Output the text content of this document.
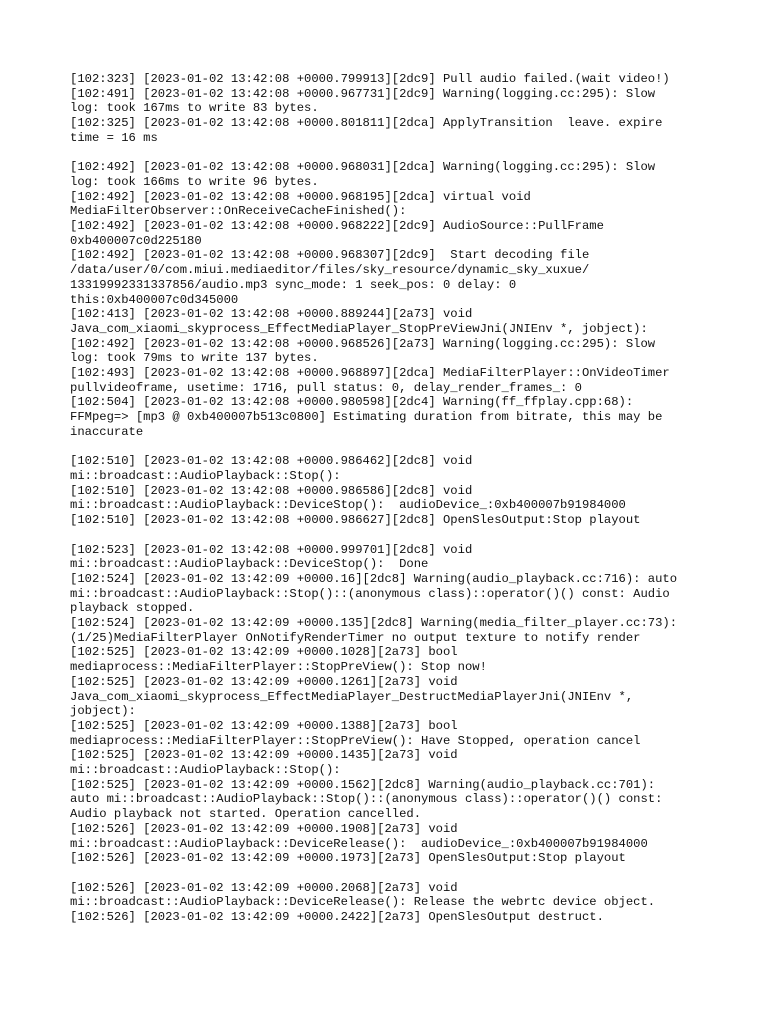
[102:323] [2023-01-02 13:42:08 +0000.799913][2dc9] Pull audio failed.(wait video!)
[102:491] [2023-01-02 13:42:08 +0000.967731][2dc9] Warning(logging.cc:295): Slow
log: took 167ms to write 83 bytes.
[102:325] [2023-01-02 13:42:08 +0000.801811][2dca] ApplyTransition  leave. expire
time = 16 ms

[102:492] [2023-01-02 13:42:08 +0000.968031][2dca] Warning(logging.cc:295): Slow
log: took 166ms to write 96 bytes.
[102:492] [2023-01-02 13:42:08 +0000.968195][2dca] virtual void
MediaFilterObserver::OnReceiveCacheFinished():
[102:492] [2023-01-02 13:42:08 +0000.968222][2dc9] AudioSource::PullFrame
0xb400007c0d225180
[102:492] [2023-01-02 13:42:08 +0000.968307][2dc9]  Start decoding file
/data/user/0/com.miui.mediaeditor/files/sky_resource/dynamic_sky_xuxue/
13319992331337856/audio.mp3 sync_mode: 1 seek_pos: 0 delay: 0
this:0xb400007c0d345000
[102:413] [2023-01-02 13:42:08 +0000.889244][2a73] void
Java_com_xiaomi_skyprocess_EffectMediaPlayer_StopPreViewJni(JNIEnv *, jobject):
[102:492] [2023-01-02 13:42:08 +0000.968526][2a73] Warning(logging.cc:295): Slow
log: took 79ms to write 137 bytes.
[102:493] [2023-01-02 13:42:08 +0000.968897][2dca] MediaFilterPlayer::OnVideoTimer
pullvideoframe, usetime: 1716, pull status: 0, delay_render_frames_: 0
[102:504] [2023-01-02 13:42:08 +0000.980598][2dc4] Warning(ff_ffplay.cpp:68):
FFMpeg=> [mp3 @ 0xb400007b513c0800] Estimating duration from bitrate, this may be
inaccurate

[102:510] [2023-01-02 13:42:08 +0000.986462][2dc8] void
mi::broadcast::AudioPlayback::Stop():
[102:510] [2023-01-02 13:42:08 +0000.986586][2dc8] void
mi::broadcast::AudioPlayback::DeviceStop():  audioDevice_:0xb400007b91984000
[102:510] [2023-01-02 13:42:08 +0000.986627][2dc8] OpenSlesOutput:Stop playout

[102:523] [2023-01-02 13:42:08 +0000.999701][2dc8] void
mi::broadcast::AudioPlayback::DeviceStop():  Done
[102:524] [2023-01-02 13:42:09 +0000.16][2dc8] Warning(audio_playback.cc:716): auto
mi::broadcast::AudioPlayback::Stop()::(anonymous class)::operator()() const: Audio
playback stopped.
[102:524] [2023-01-02 13:42:09 +0000.135][2dc8] Warning(media_filter_player.cc:73):
(1/25)MediaFilterPlayer OnNotifyRenderTimer no output texture to notify render
[102:525] [2023-01-02 13:42:09 +0000.1028][2a73] bool
mediaprocess::MediaFilterPlayer::StopPreView(): Stop now!
[102:525] [2023-01-02 13:42:09 +0000.1261][2a73] void
Java_com_xiaomi_skyprocess_EffectMediaPlayer_DestructMediaPlayerJni(JNIEnv *,
jobject):
[102:525] [2023-01-02 13:42:09 +0000.1388][2a73] bool
mediaprocess::MediaFilterPlayer::StopPreView(): Have Stopped, operation cancel
[102:525] [2023-01-02 13:42:09 +0000.1435][2a73] void
mi::broadcast::AudioPlayback::Stop():
[102:525] [2023-01-02 13:42:09 +0000.1562][2dc8] Warning(audio_playback.cc:701):
auto mi::broadcast::AudioPlayback::Stop()::(anonymous class)::operator()() const:
Audio playback not started. Operation cancelled.
[102:526] [2023-01-02 13:42:09 +0000.1908][2a73] void
mi::broadcast::AudioPlayback::DeviceRelease():  audioDevice_:0xb400007b91984000
[102:526] [2023-01-02 13:42:09 +0000.1973][2a73] OpenSlesOutput:Stop playout

[102:526] [2023-01-02 13:42:09 +0000.2068][2a73] void
mi::broadcast::AudioPlayback::DeviceRelease(): Release the webrtc device object.
[102:526] [2023-01-02 13:42:09 +0000.2422][2a73] OpenSlesOutput destruct.
